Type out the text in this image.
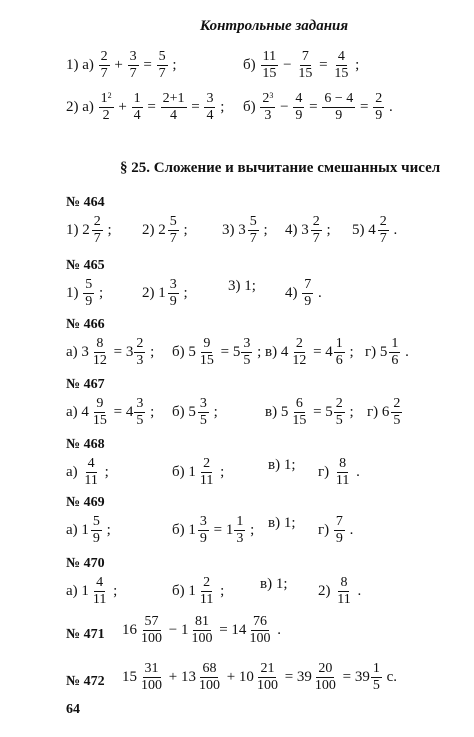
Контрольные задания
1) $а) \frac{2}{7} + \frac{3}{7} = \frac{5}{7}$ ;	$б) \frac{11}{15} - \frac{7}{15} = \frac{4}{15}$ ;
2) $а) \frac{1^2}{2} + \frac{1}{4} = \frac{2+1}{4} = \frac{3}{4}$ ; $б) \frac{2^3}{3} - \frac{4}{9} = \frac{6 - 4}{9} = \frac{2}{9}$ .
§ 25. Сложение и вычитание смешанных чисел
№ 464
1) $2 \frac{2}{7}$ ; 2) $2 \frac{5}{7}$ ; 3) $3 \frac{5}{7}$ ; 4) $3 \frac{2}{7}$ ; 5) $4 \frac{2}{7}$ .
№ 465
$1) \frac{5}{9}$ ;	2) $1 \frac{3}{9}$ ;	3) 1; $4) \frac{7}{9}$ .
№ 466
а) $3 \frac{8}{12} = 3 \frac{2}{3}$ ; б) $5 \frac{9}{15} = 5 \frac{3}{5}$ ; в) $4 \frac{2}{12} = 4 \frac{1}{6}$ ; г) $5 \frac{1}{6}$ .
№ 467
а) $4 \frac{9}{15} = 4 \frac{3}{5}$ ; б) $5 \frac{3}{5}$ ;	в) $5 \frac{6}{15} = 5 \frac{2}{5}$ ; г) $6 \frac{2}{5}$
№ 468
$а) \frac{4}{11}$ ;	б) $1 \frac{2}{11}$ ;	в) 1; $г) \frac{8}{11}$ .
№ 469
а) $1 \frac{5}{9}$ ;	б) $1 \frac{3}{9} = 1 \frac{1}{3}$ ; в) 1; $г) \frac{7}{9}$ .
№ 470
а) $1 \frac{4}{11}$ ;	б) $1 \frac{2}{11}$ ; в) 1; $2) \frac{8}{11}$ .
№ 471 $16 \frac{57}{100} - 1 \frac{81}{100} = 14 \frac{76}{100}$ .
№ 472 $15 \frac{31}{100} + 13 \frac{68}{100} + 10 \frac{21}{100} = 39 \frac{20}{100} = 39 \frac{1}{5} с$.
64
